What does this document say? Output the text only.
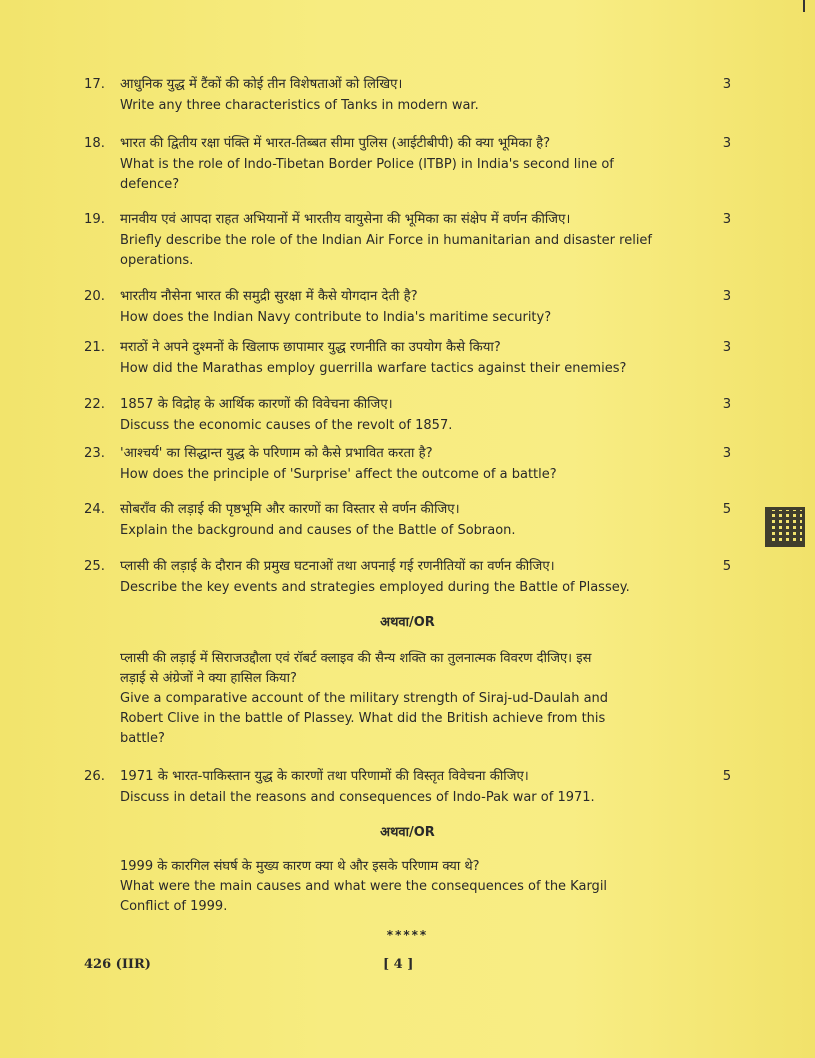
17.	आधुनिक युद्ध में टैंकों की कोई तीन विशेषताओं को लिखिए।	3
Write any three characteristics of Tanks in modern war.
18.	भारत की द्वितीय रक्षा पंक्ति में भारत-तिब्बत सीमा पुलिस (आईटीबीपी) की क्या भूमिका है?	3
What is the role of Indo-Tibetan Border Police (ITBP) in India's second line of
defence?
19.	मानवीय एवं आपदा राहत अभियानों में भारतीय वायुसेना की भूमिका का संक्षेप में वर्णन कीजिए।	3
Briefly describe the role of the Indian Air Force in humanitarian and disaster relief
operations.
20.	भारतीय नौसेना भारत की समुद्री सुरक्षा में कैसे योगदान देती है?	3
How does the Indian Navy contribute to India's maritime security?
21.	मराठों ने अपने दुश्मनों के खिलाफ छापामार युद्ध रणनीति का उपयोग कैसे किया?	3
How did the Marathas employ guerrilla warfare tactics against their enemies?
22.	1857 के विद्रोह के आर्थिक कारणों की विवेचना कीजिए।	3
Discuss the economic causes of the revolt of 1857.
23.	'आश्चर्य' का सिद्धान्त युद्ध के परिणाम को कैसे प्रभावित करता है?	3
How does the principle of 'Surprise' affect the outcome of a battle?
24.	सोबराँव की लड़ाई की पृष्ठभूमि और कारणों का विस्तार से वर्णन कीजिए।	5
Explain the background and causes of the Battle of Sobraon.
25.	प्लासी की लड़ाई के दौरान की प्रमुख घटनाओं तथा अपनाई गई रणनीतियों का वर्णन कीजिए।	5
Describe the key events and strategies employed during the Battle of Plassey.
अथवा/OR
प्लासी की लड़ाई में सिराजउद्दौला एवं रॉबर्ट क्लाइव की सैन्य शक्ति का तुलनात्मक विवरण दीजिए। इस
लड़ाई से अंग्रेजों ने क्या हासिल किया?
Give a comparative account of the military strength of Siraj-ud-Daulah and
Robert Clive in the battle of Plassey. What did the British achieve from this
battle?
26.	1971 के भारत-पाकिस्तान युद्ध के कारणों तथा परिणामों की विस्तृत विवेचना कीजिए।	5
Discuss in detail the reasons and consequences of Indo-Pak war of 1971.
अथवा/OR
1999 के कारगिल संघर्ष के मुख्य कारण क्या थे और इसके परिणाम क्या थे?
What were the main causes and what were the consequences of the Kargil
Conflict of 1999.
*****
426 (IIR)	[ 4 ]
